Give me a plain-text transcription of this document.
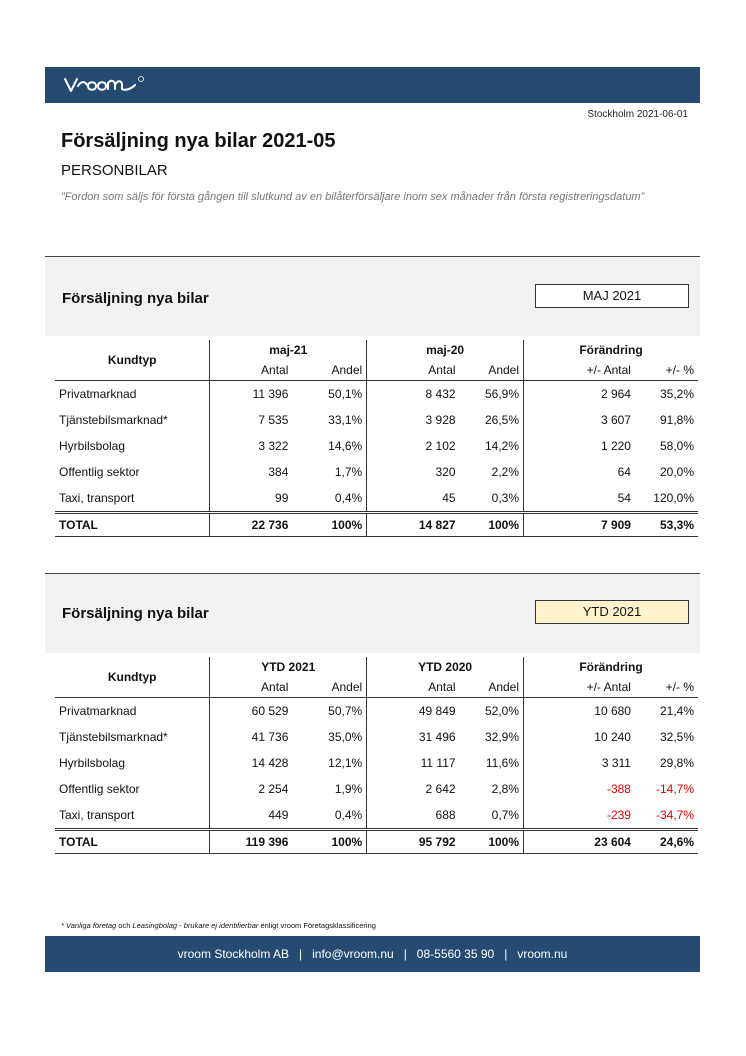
Stockholm 2021-06-01
Försäljning nya bilar 2021-05
PERSONBILAR
”Fordon som säljs för första gången till slutkund av en bilåterförsäljare inom sex månader från första registreringsdatum”
Försäljning nya bilar	MAJ 2021
Kundtyp	maj-21		maj-20		Förändring	
	Antal	Andel	Antal	Andel	+/- Antal	+/- %
Privatmarknad	11 396	50,1%	8 432	56,9%	2 964	35,2%
Tjänstebilsmarknad*	7 535	33,1%	3 928	26,5%	3 607	91,8%
Hyrbilsbolag	3 322	14,6%	2 102	14,2%	1 220	58,0%
Offentlig sektor	384	1,7%	320	2,2%	64	20,0%
Taxi, transport	99	0,4%	45	0,3%	54	120,0%
TOTAL	22 736	100%	14 827	100%	7 909	53,3%
Försäljning nya bilar	YTD 2021
Kundtyp	YTD 2021		YTD 2020		Förändring	
	Antal	Andel	Antal	Andel	+/- Antal	+/- %
Privatmarknad	60 529	50,7%	49 849	52,0%	10 680	21,4%
Tjänstebilsmarknad*	41 736	35,0%	31 496	32,9%	10 240	32,5%
Hyrbilsbolag	14 428	12,1%	11 117	11,6%	3 311	29,8%
Offentlig sektor	2 254	1,9%	2 642	2,8%	-388	-14,7%
Taxi, transport	449	0,4%	688	0,7%	-239	-34,7%
TOTAL	119 396	100%	95 792	100%	23 604	24,6%
* Vanliga företag och Leasingbolag - brukare ej identifierbar enligt vroom Företagsklassificering
vroom Stockholm AB   |   info@vroom.nu   |   08-5560 35 90   |   vroom.nu
